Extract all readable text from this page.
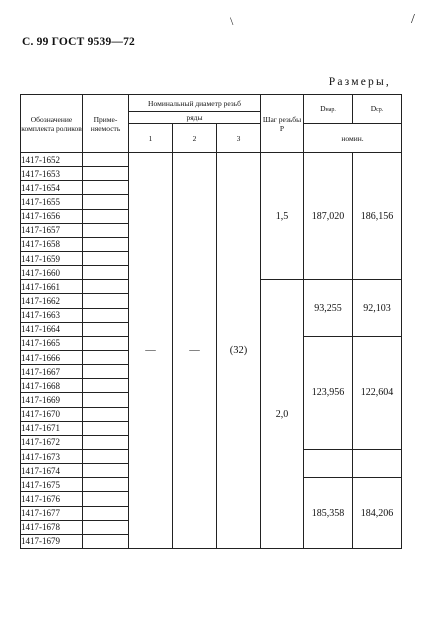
С. 99 ГОСТ 9539—72
Размеры,
\	/
Обозначение комплекта роликов	Приме- няемость	Номинальный диаметр резьб			Шаг резьбы P	Dнар.	Dср.
		ряды					
		1	2	3		номин.	
1417-1652		—	—	(32)	1,5	187,020	186,156
1417-1653							
1417-1654							
1417-1655							
1417-1656							
1417-1657							
1417-1658							
1417-1659							
1417-1660							
1417-1661					2,0	93,255	92,103
1417-1662							
1417-1663							
1417-1664							
1417-1665						123,956	122,604
1417-1666							
1417-1667							
1417-1668							
1417-1669							
1417-1670							
1417-1671							
1417-1672							
1417-1673							
1417-1674							
1417-1675						185,358	184,206
1417-1676							
1417-1677							
1417-1678							
1417-1679							
